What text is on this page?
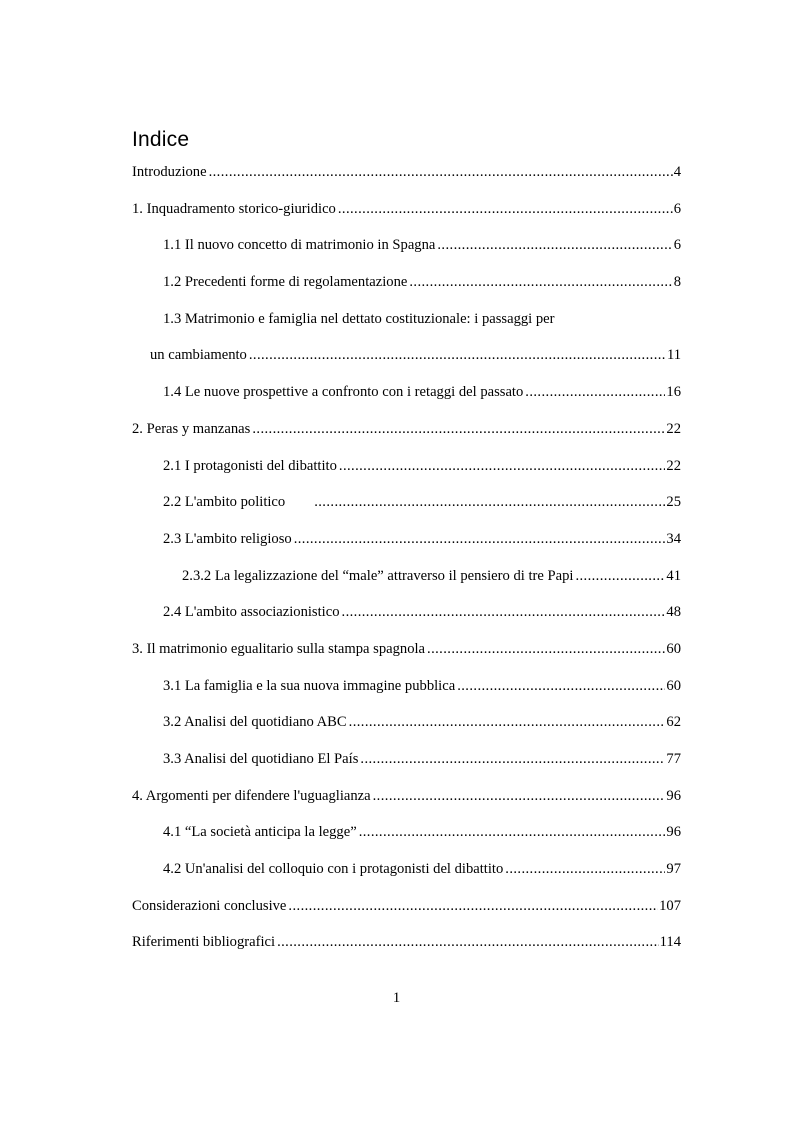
Indice
Introduzione .....	4
1. Inquadramento storico-giuridico .....	6
1.1 Il nuovo concetto di matrimonio in Spagna .....	6
1.2 Precedenti forme di regolamentazione .....	8
1.3 Matrimonio e famiglia nel dettato costituzionale: i passaggi per
un cambiamento .....	11
1.4 Le nuove prospettive a confronto con i retaggi del passato .....	16
2. Peras y manzanas .....	22
2.1 I protagonisti del dibattito .....	22
2.2 L'ambito politico .....	25
2.3 L'ambito religioso .....	34
2.3.2 La legalizzazione del “male” attraverso il pensiero di tre Papi .....	41
2.4 L'ambito associazionistico .....	48
3. Il matrimonio egualitario sulla stampa spagnola .....	60
3.1 La famiglia e la sua nuova immagine pubblica .....	60
3.2 Analisi del quotidiano ABC .....	62
3.3 Analisi del quotidiano El País .....	77
4. Argomenti per difendere l'uguaglianza .....	96
4.1 “La società anticipa la legge” .....	96
4.2 Un'analisi del colloquio con i protagonisti del dibattito .....	97
Considerazioni conclusive .....	107
Riferimenti bibliografici .....	114
1
